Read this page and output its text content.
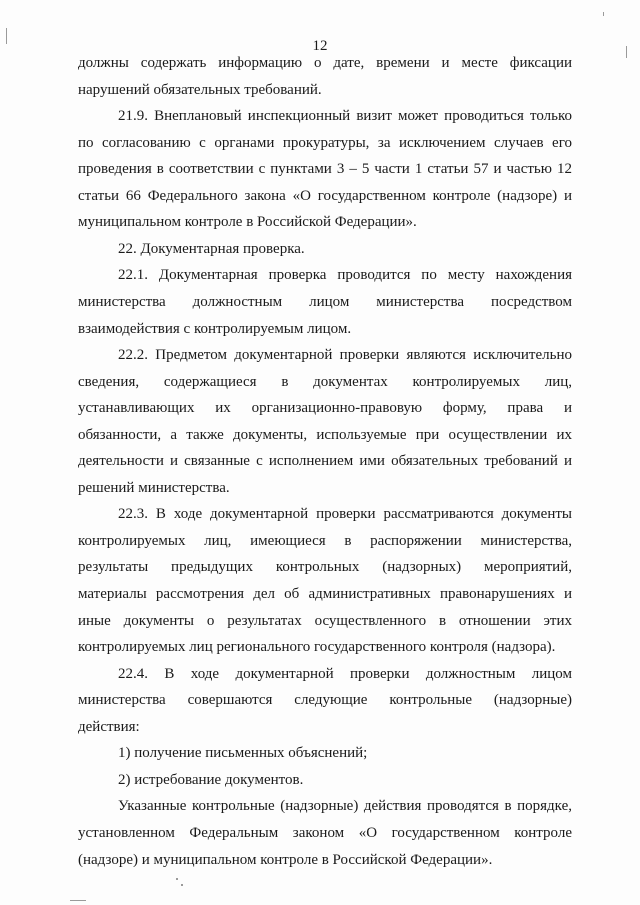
12
должны содержать информацию о дате, времени и месте фиксации
нарушений обязательных требований.
21.9. Внеплановый инспекционный визит может проводиться только
по согласованию с органами прокуратуры, за исключением случаев его
проведения в соответствии с пунктами 3 – 5 части 1 статьи 57 и частью 12
статьи 66 Федерального закона «О государственном контроле (надзоре) и
муниципальном контроле в Российской Федерации».
22. Документарная проверка.
22.1. Документарная проверка проводится по месту нахождения
министерства должностным лицом министерства посредством
взаимодействия с контролируемым лицом.
22.2. Предметом документарной проверки являются исключительно
сведения, содержащиеся в документах контролируемых лиц,
устанавливающих их организационно-правовую форму, права и
обязанности, а также документы, используемые при осуществлении их
деятельности и связанные с исполнением ими обязательных требований и
решений министерства.
22.3. В ходе документарной проверки рассматриваются документы
контролируемых лиц, имеющиеся в распоряжении министерства,
результаты предыдущих контрольных (надзорных) мероприятий,
материалы рассмотрения дел об административных правонарушениях и
иные документы о результатах осуществленного в отношении этих
контролируемых лиц регионального государственного контроля (надзора).
22.4. В ходе документарной проверки должностным лицом
министерства совершаются следующие контрольные (надзорные)
действия:
1) получение письменных объяснений;
2) истребование документов.
Указанные контрольные (надзорные) действия проводятся в порядке,
установленном Федеральным законом «О государственном контроле
(надзоре) и муниципальном контроле в Российской Федерации».
